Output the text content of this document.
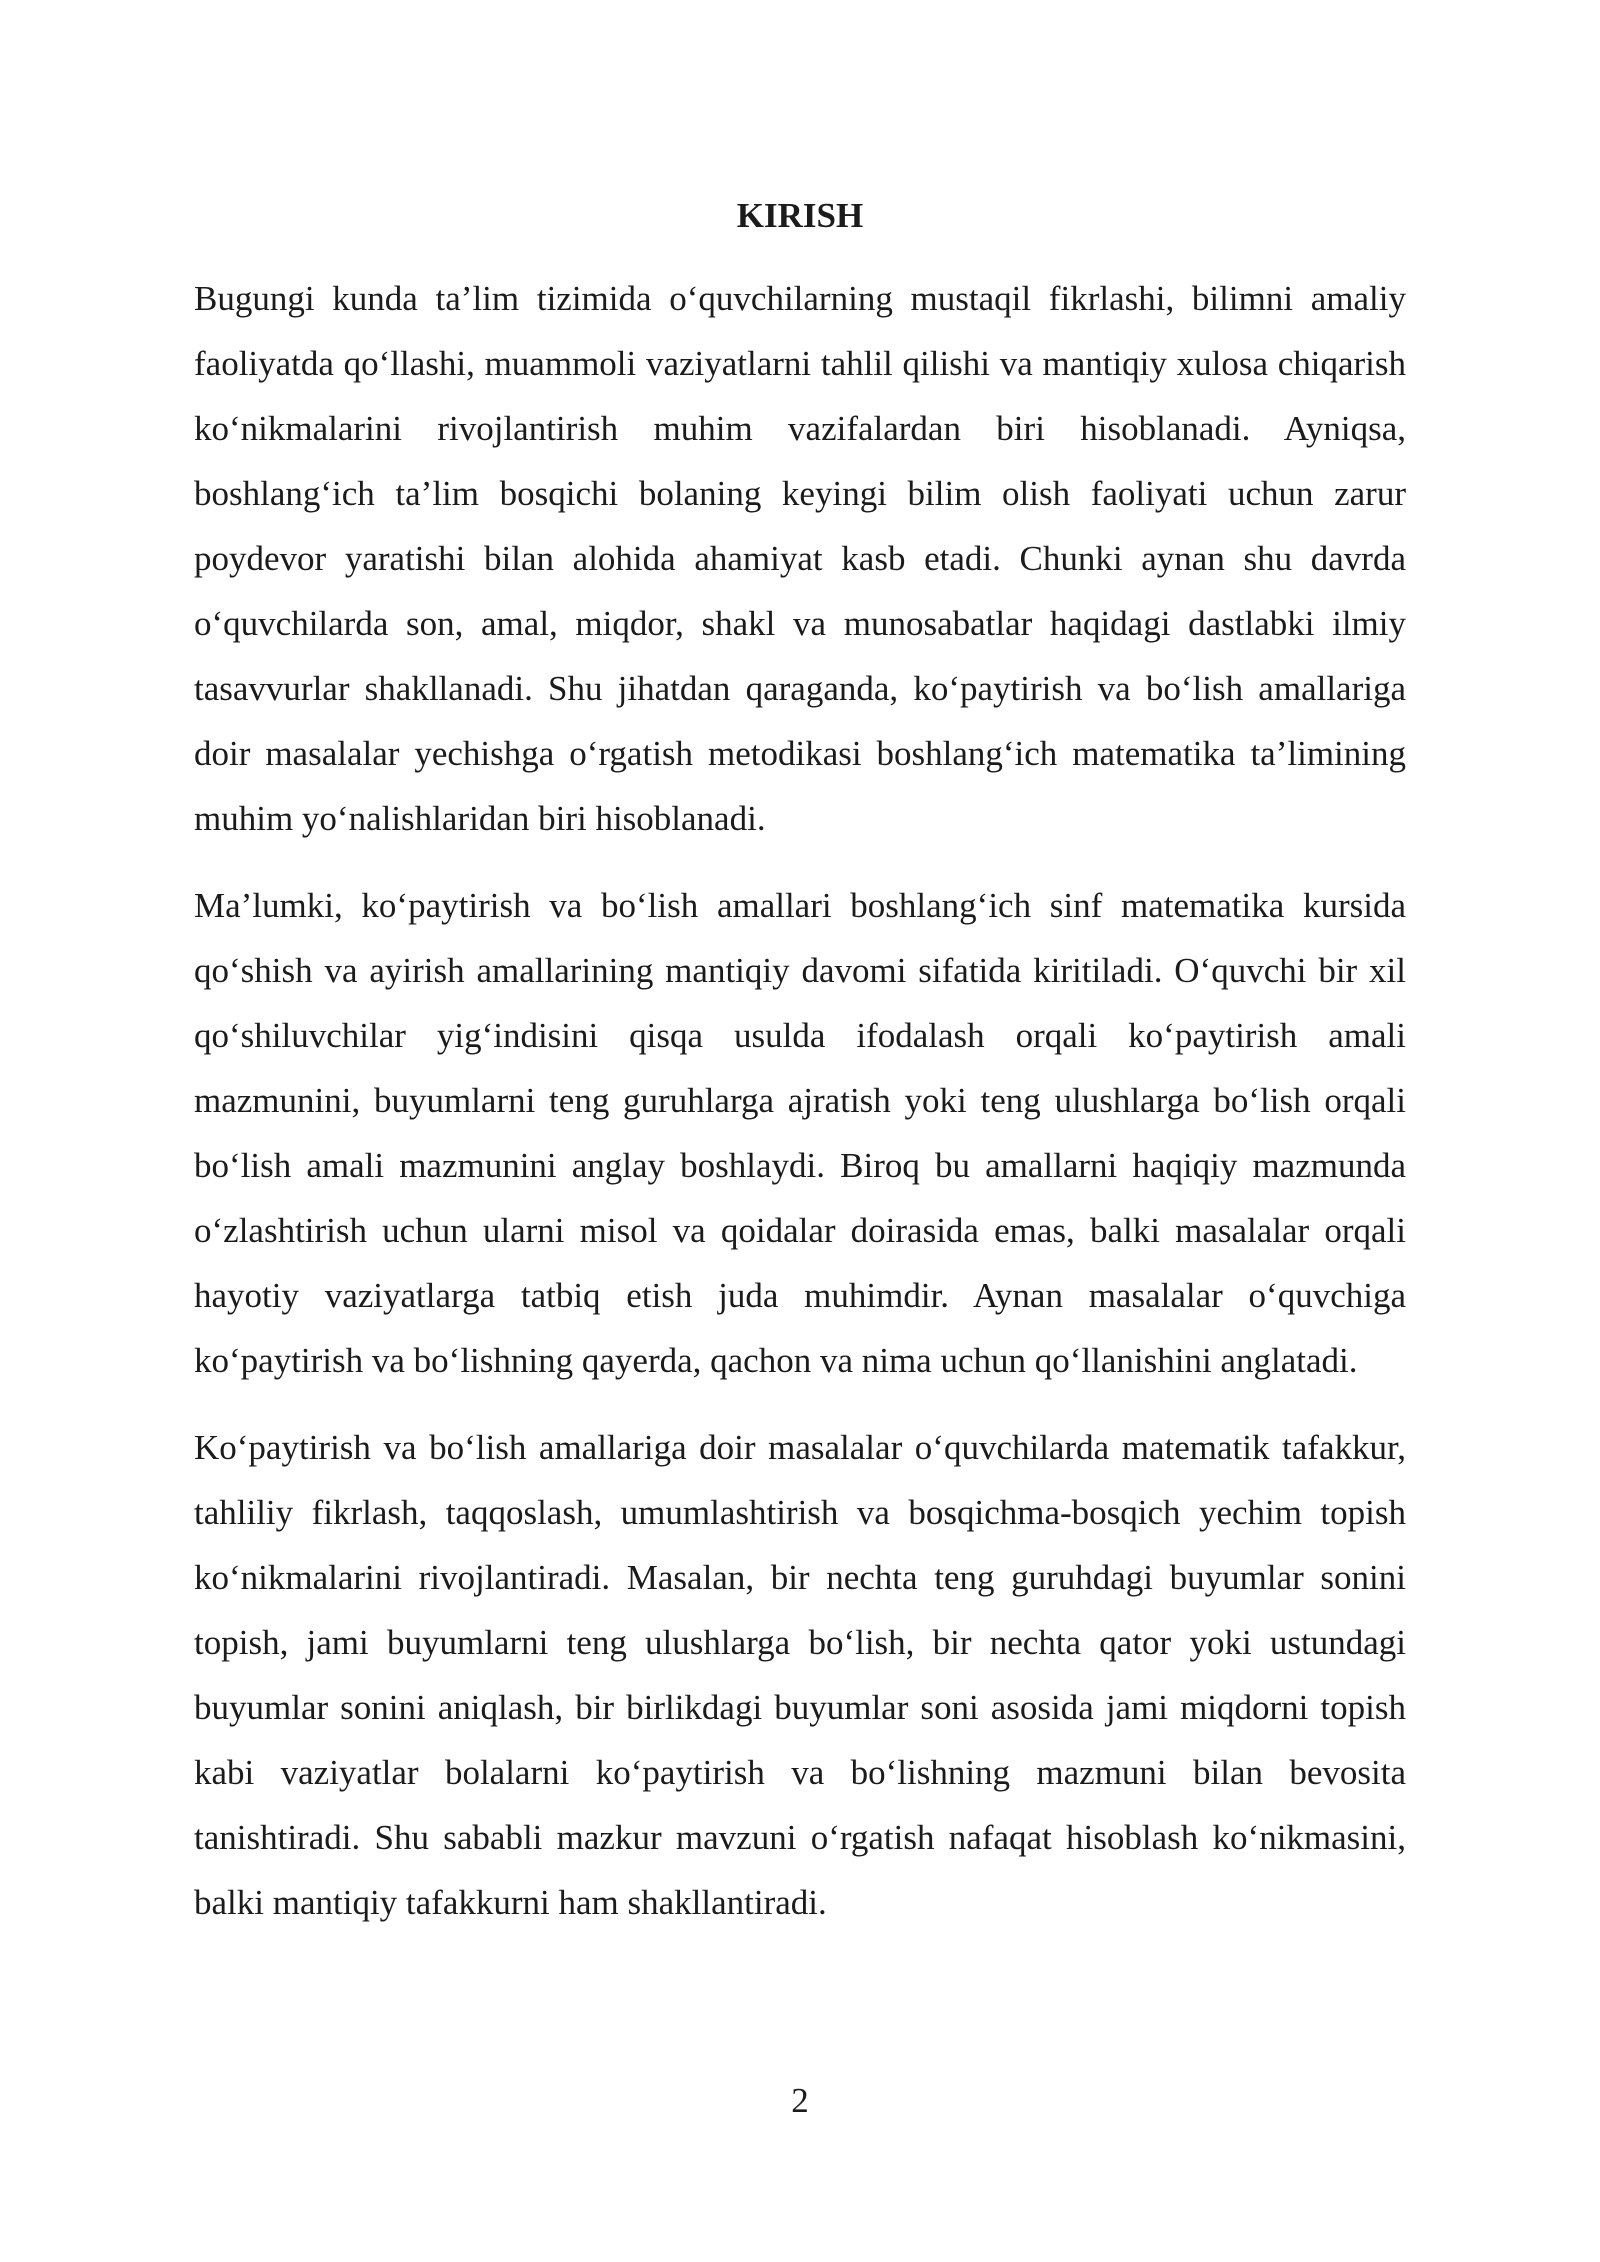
KIRISH

Bugungi kunda ta’lim tizimida o‘quvchilarning mustaqil fikrlashi, bilimni amaliy faoliyatda qo‘llashi, muammoli vaziyatlarni tahlil qilishi va mantiqiy xulosa chiqarish ko‘nikmalarini rivojlantirish muhim vazifalardan biri hisoblanadi. Ayniqsa, boshlang‘ich ta’lim bosqichi bolaning keyingi bilim olish faoliyati uchun zarur poydevor yaratishi bilan alohida ahamiyat kasb etadi. Chunki aynan shu davrda o‘quvchilarda son, amal, miqdor, shakl va munosabatlar haqidagi dastlabki ilmiy tasavvurlar shakllanadi. Shu jihatdan qaraganda, ko‘paytirish va bo‘lish amallariga doir masalalar yechishga o‘rgatish metodikasi boshlang‘ich matematika ta’limining muhim yo‘nalishlaridan biri hisoblanadi.

Ma’lumki, ko‘paytirish va bo‘lish amallari boshlang‘ich sinf matematika kursida qo‘shish va ayirish amallarining mantiqiy davomi sifatida kiritiladi. O‘quvchi bir xil qo‘shiluvchilar yig‘indisini qisqa usulda ifodalash orqali ko‘paytirish amali mazmunini, buyumlarni teng guruhlarga ajratish yoki teng ulushlarga bo‘lish orqali bo‘lish amali mazmunini anglay boshlaydi. Biroq bu amallarni haqiqiy mazmunda o‘zlashtirish uchun ularni misol va qoidalar doirasida emas, balki masalalar orqali hayotiy vaziyatlarga tatbiq etish juda muhimdir. Aynan masalalar o‘quvchiga ko‘paytirish va bo‘lishning qayerda, qachon va nima uchun qo‘llanishini anglatadi.

Ko‘paytirish va bo‘lish amallariga doir masalalar o‘quvchilarda matematik tafakkur, tahliliy fikrlash, taqqoslash, umumlashtirish va bosqichma-bosqich yechim topish ko‘nikmalarini rivojlantiradi. Masalan, bir nechta teng guruhdagi buyumlar sonini topish, jami buyumlarni teng ulushlarga bo‘lish, bir nechta qator yoki ustundagi buyumlar sonini aniqlash, bir birlikdagi buyumlar soni asosida jami miqdorni topish kabi vaziyatlar bolalarni ko‘paytirish va bo‘lishning mazmuni bilan bevosita tanishtiradi. Shu sababli mazkur mavzuni o‘rgatish nafaqat hisoblash ko‘nikmasini, balki mantiqiy tafakkurni ham shakllantiradi.

2
